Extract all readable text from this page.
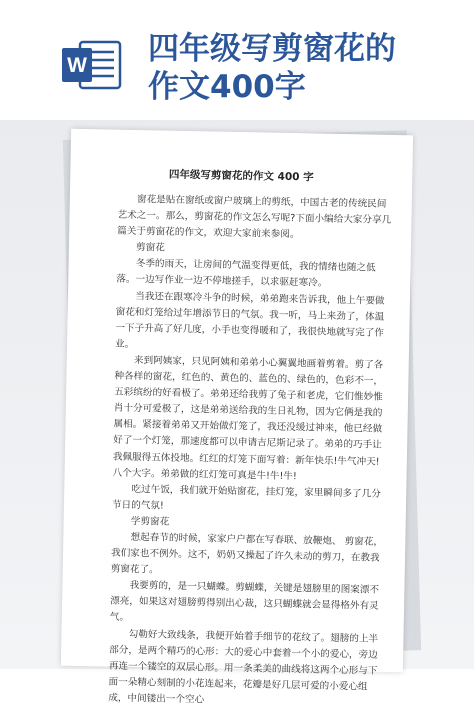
W 四年级写剪窗花的
作文400字
四年级写剪窗花的作文 400 字

窗花是贴在窗纸或窗户玻璃上的剪纸，中国古老的传统民间艺术之一。那么，剪窗花的作文怎么写呢?下面小编给大家分享几篇关于剪窗花的作文，欢迎大家前来参阅。

剪窗花

冬季的雨天，让房间的气温变得更低，我的情绪也随之低落。一边写作业一边不停地搓手，以求驱赶寒冷。

当我还在跟寒冷斗争的时候，弟弟跑来告诉我，他上午要做窗花和灯笼给过年增添节日的气氛。我一听，马上来劲了，体温一下子升高了好几度，小手也变得暖和了，我很快地就写完了作业。

来到阿姨家，只见阿姨和弟弟小心翼翼地画着剪着。剪了各种各样的窗花，红色的、黄色的、蓝色的、绿色的，色彩不一，五彩缤纷的好看极了。弟弟还给我剪了兔子和老虎，它们惟妙惟肖十分可爱极了，这是弟弟送给我的生日礼物，因为它俩是我的属相。紧接着弟弟又开始做灯笼了，我还没缓过神来，他已经做好了一个灯笼，那速度都可以申请吉尼斯记录了。弟弟的巧手让我佩服得五体投地。红红的灯笼下面写着：新年快乐!牛气冲天!八个大字。弟弟做的红灯笼可真是牛!牛!牛!

吃过午饭，我们就开始贴窗花，挂灯笼，家里瞬间多了几分节日的气氛!

学剪窗花

想起春节的时候，家家户户都在写春联、放鞭炮、 剪窗花，我们家也不例外。这不，奶奶又操起了许久未动的剪刀，在教我剪窗花了。

我要剪的，是一只蝴蝶。剪蝴蝶，关键是翅膀里的图案漂不漂亮，如果这对翅膀剪得别出心裁，这只蝴蝶就会显得格外有灵气。

勾勒好大致线条，我便开始着手细节的花纹了。翅膀的上半部分，是两个精巧的心形：大的爱心中套着一个小的爱心，旁边再连一个镂空的双层心形。用一条柔美的曲线将这两个心形与下面一朵精心刻制的小花连起来，花瓣是好几层可爱的小爱心组成，中间镂出一个空心
